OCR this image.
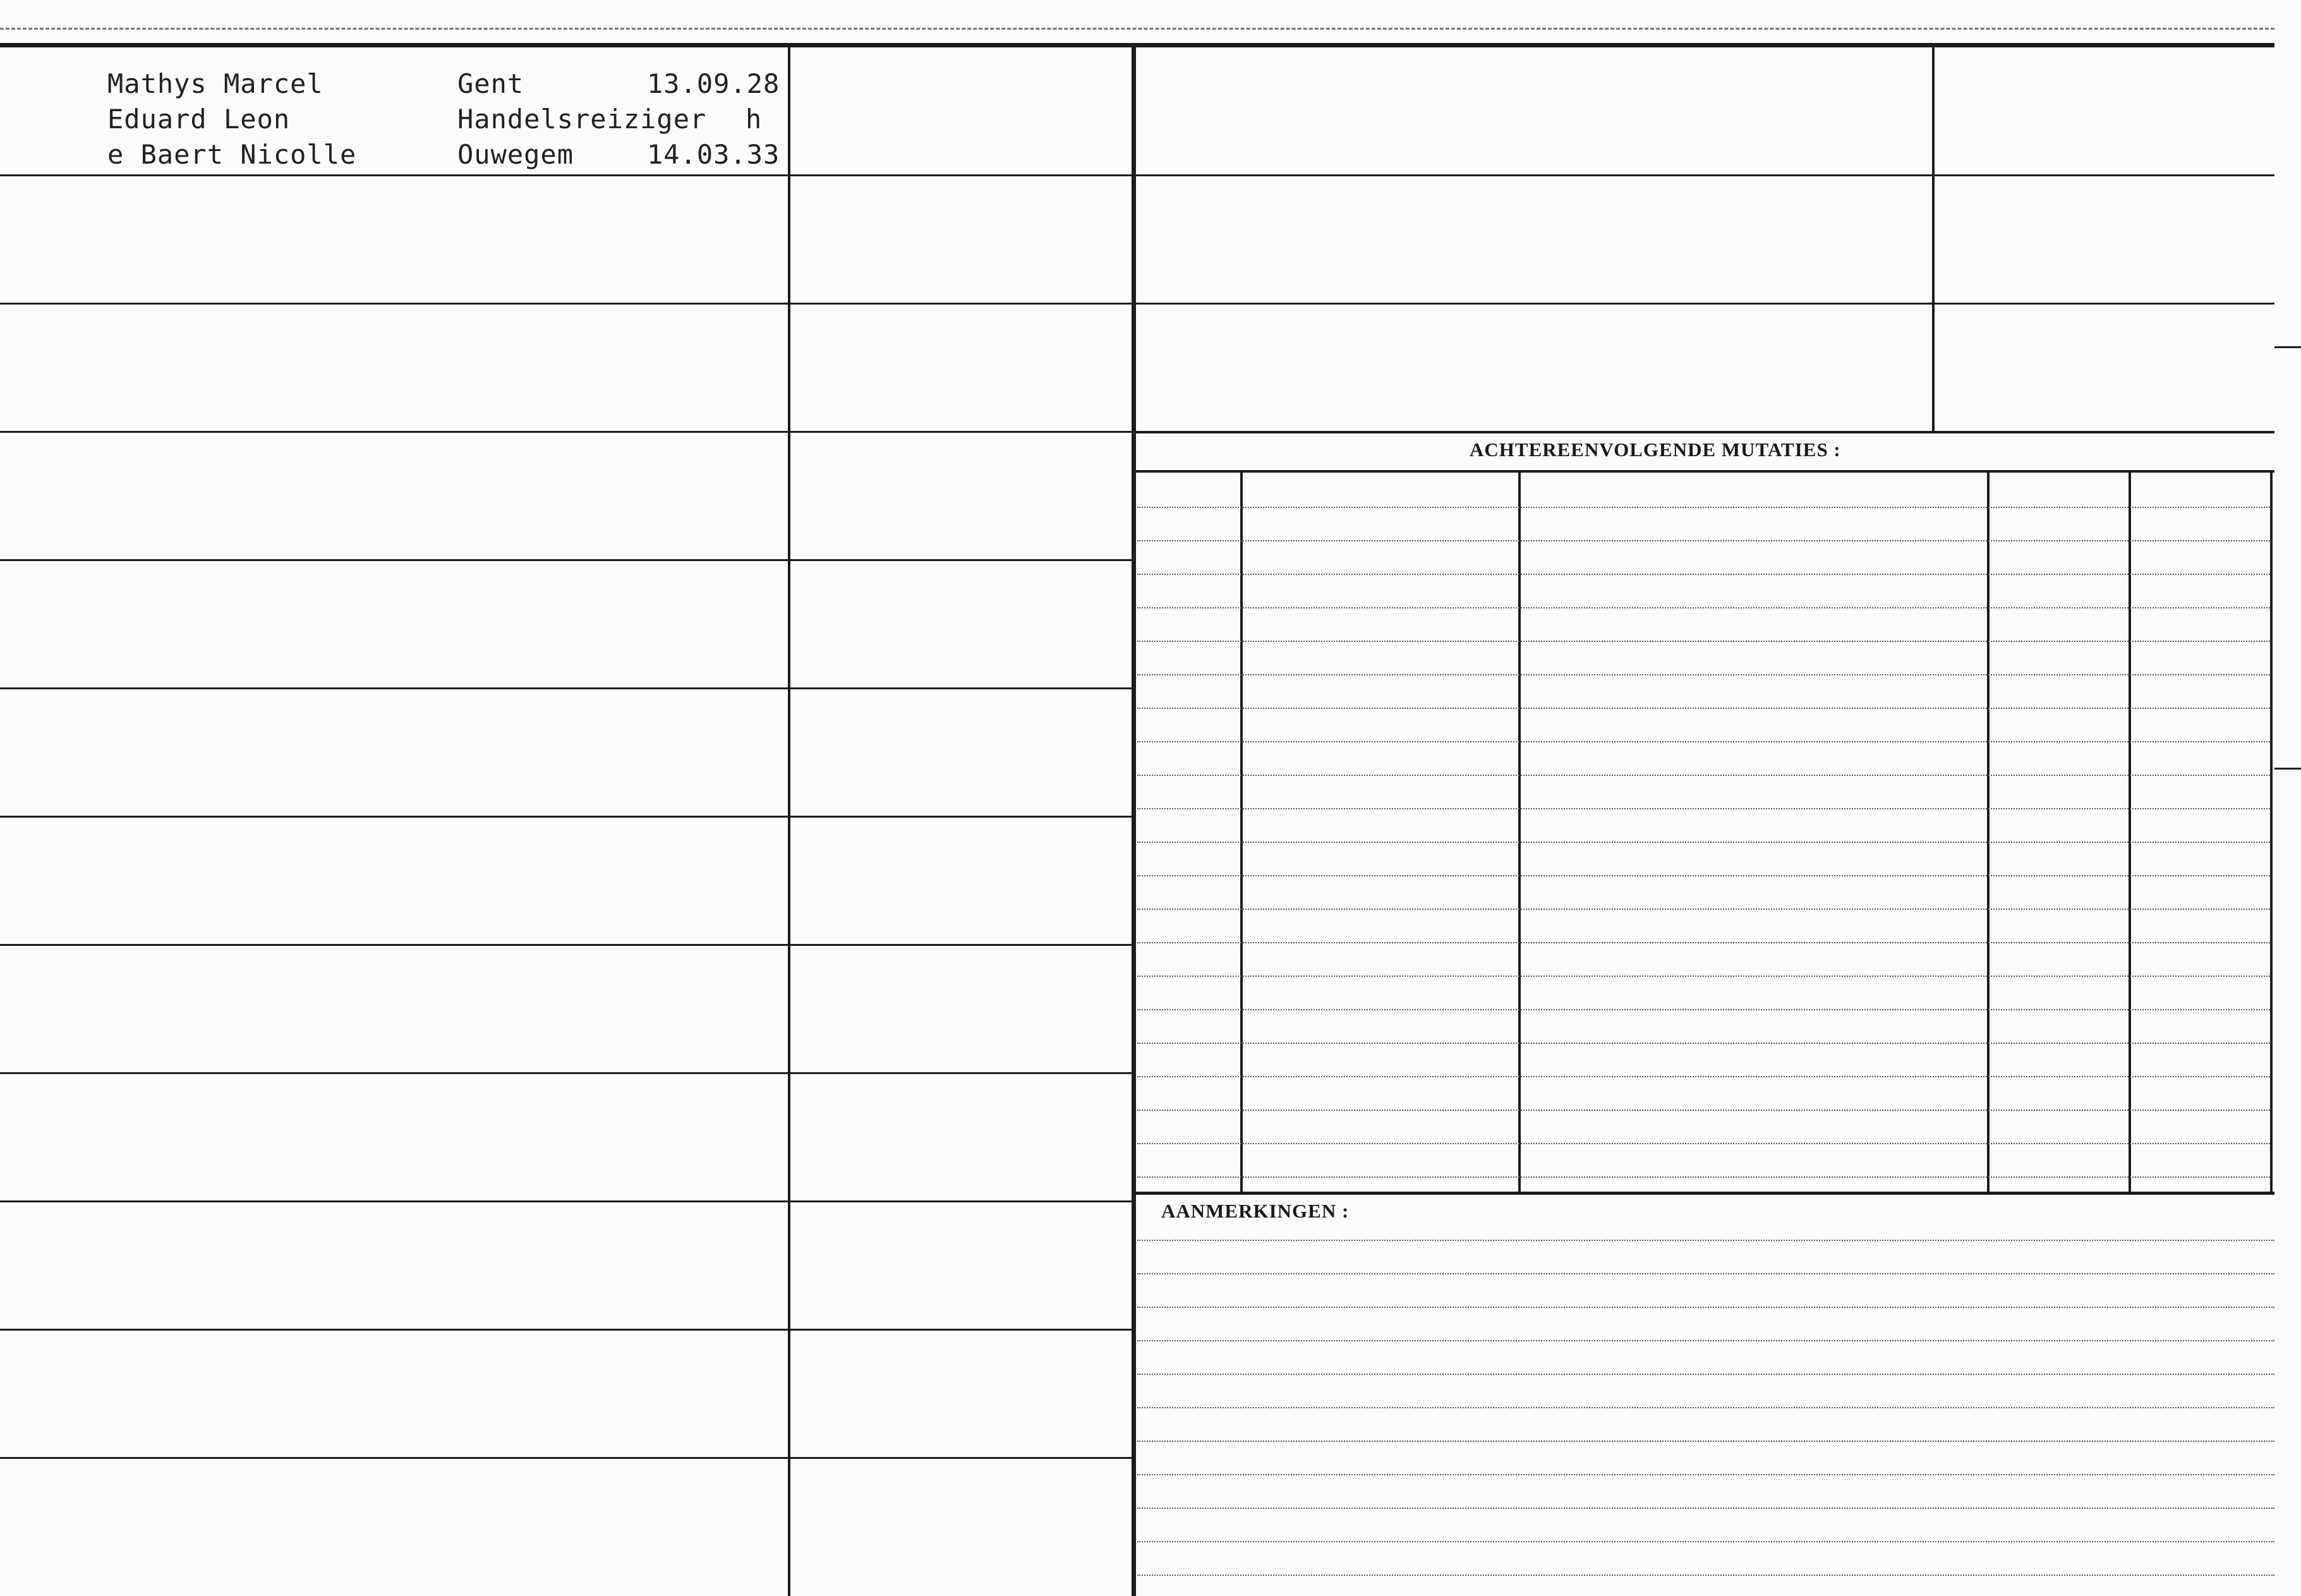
ACHTEREENVOLGENDE MUTATIES :
AANMERKINGEN :
Mathys Marcel
Eduard Leon
e Baert Nicolle
Gent	13.09.28
Handelsreiziger h
Ouwegem	14.03.33
